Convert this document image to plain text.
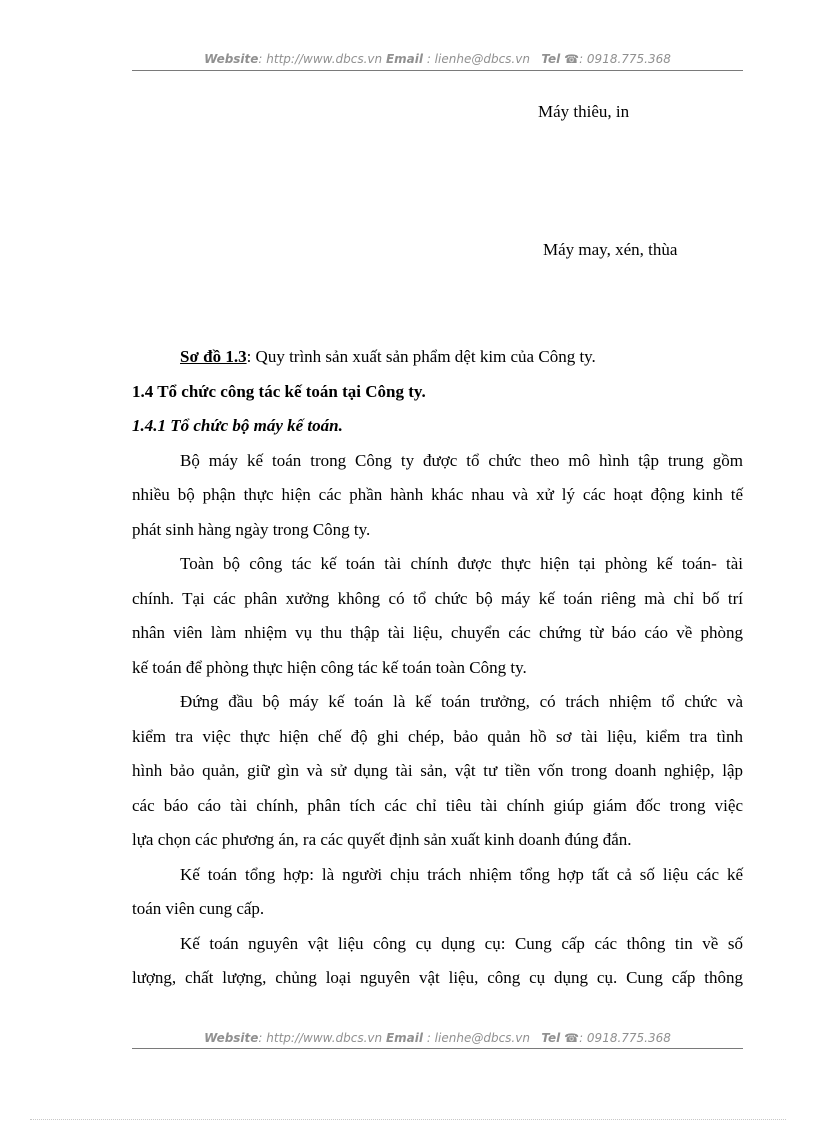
Website: http://www.dbcs.vn Email : lienhe@dbcs.vn Tel ☎: 0918.775.368
Máy thiêu, in
Máy may, xén, thùa
Sơ đồ 1.3: Quy trình sản xuất sản phẩm dệt kim của Công ty.
1.4 Tổ chức công tác kế toán tại Công ty.
1.4.1 Tổ chức bộ máy kế toán.
Bộ máy kế toán trong Công ty được tổ chức theo mô hình tập trung gồm
nhiều bộ phận thực hiện các phần hành khác nhau và xử lý các hoạt động kinh tế
phát sinh hàng ngày trong Công ty.
Toàn bộ công tác kế toán tài chính được thực hiện tại phòng kế toán- tài
chính. Tại các phân xưởng không có tổ chức bộ máy kế toán riêng mà chỉ bố trí
nhân viên làm nhiệm vụ thu thập tài liệu, chuyển các chứng từ báo cáo về phòng
kế toán để phòng thực hiện công tác kế toán toàn Công ty.
Đứng đầu bộ máy kế toán là kế toán trưởng, có trách nhiệm tổ chức và
kiểm tra việc thực hiện chế độ ghi chép, bảo quản hồ sơ tài liệu, kiểm tra tình
hình bảo quản, giữ gìn và sử dụng tài sản, vật tư tiền vốn trong doanh nghiệp, lập
các báo cáo tài chính, phân tích các chỉ tiêu tài chính giúp giám đốc trong việc
lựa chọn các phương án, ra các quyết định sản xuất kinh doanh đúng đắn.
Kế toán tổng hợp: là người chịu trách nhiệm tổng hợp tất cả số liệu các kế
toán viên cung cấp.
Kế toán nguyên vật liệu công cụ dụng cụ: Cung cấp các thông tin về số
lượng, chất lượng, chủng loại nguyên vật liệu, công cụ dụng cụ. Cung cấp thông
Website: http://www.dbcs.vn Email : lienhe@dbcs.vn Tel ☎: 0918.775.368
